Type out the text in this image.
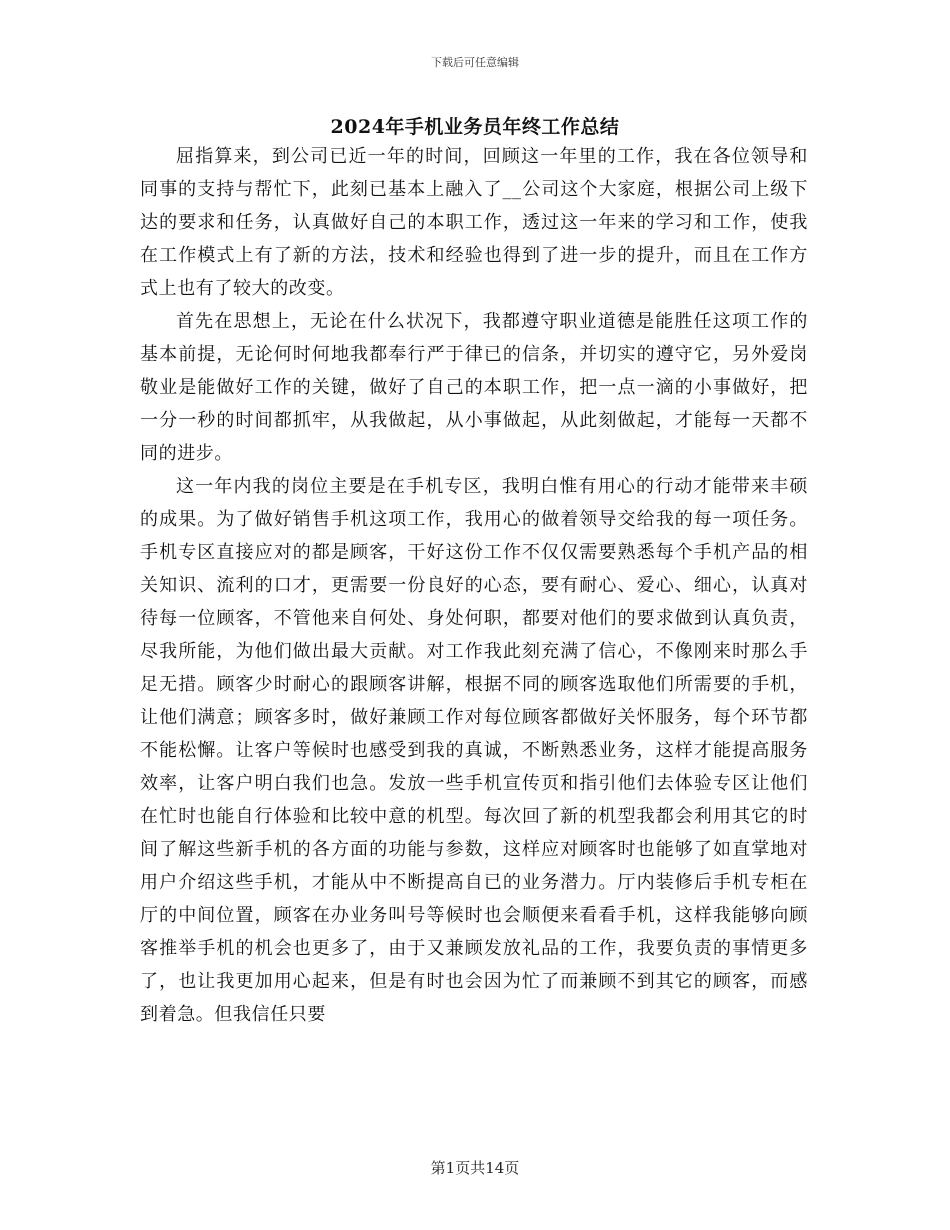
下载后可任意编辑
2024年手机业务员年终工作总结

屈指算来，到公司已近一年的时间，回顾这一年里的工作，我在各位领导和同事的支持与帮忙下，此刻已基本上融入了__公司这个大家庭，根据公司上级下达的要求和任务，认真做好自己的本职工作，透过这一年来的学习和工作，使我在工作模式上有了新的方法，技术和经验也得到了进一步的提升，而且在工作方式上也有了较大的改变。

首先在思想上，无论在什么状况下，我都遵守职业道德是能胜任这项工作的基本前提，无论何时何地我都奉行严于律已的信条，并切实的遵守它，另外爱岗敬业是能做好工作的关键，做好了自己的本职工作，把一点一滴的小事做好，把一分一秒的时间都抓牢，从我做起，从小事做起，从此刻做起，才能每一天都不同的进步。

这一年内我的岗位主要是在手机专区，我明白惟有用心的行动才能带来丰硕的成果。为了做好销售手机这项工作，我用心的做着领导交给我的每一项任务。手机专区直接应对的都是顾客，干好这份工作不仅仅需要熟悉每个手机产品的相关知识、流利的口才，更需要一份良好的心态，要有耐心、爱心、细心，认真对待每一位顾客，不管他来自何处、身处何职，都要对他们的要求做到认真负责，尽我所能，为他们做出最大贡献。对工作我此刻充满了信心，不像刚来时那么手足无措。顾客少时耐心的跟顾客讲解，根据不同的顾客选取他们所需要的手机，让他们满意；顾客多时，做好兼顾工作对每位顾客都做好关怀服务，每个环节都不能松懈。让客户等候时也感受到我的真诚，不断熟悉业务，这样才能提高服务效率，让客户明白我们也急。发放一些手机宣传页和指引他们去体验专区让他们在忙时也能自行体验和比较中意的机型。每次回了新的机型我都会利用其它的时间了解这些新手机的各方面的功能与参数，这样应对顾客时也能够了如直掌地对用户介绍这些手机，才能从中不断提高自已的业务潜力。厅内装修后手机专柜在厅的中间位置，顾客在办业务叫号等候时也会顺便来看看手机，这样我能够向顾客推举手机的机会也更多了，由于又兼顾发放礼品的工作，我要负责的事情更多了，也让我更加用心起来，但是有时也会因为忙了而兼顾不到其它的顾客，而感到着急。但我信任只要

第1页共14页
